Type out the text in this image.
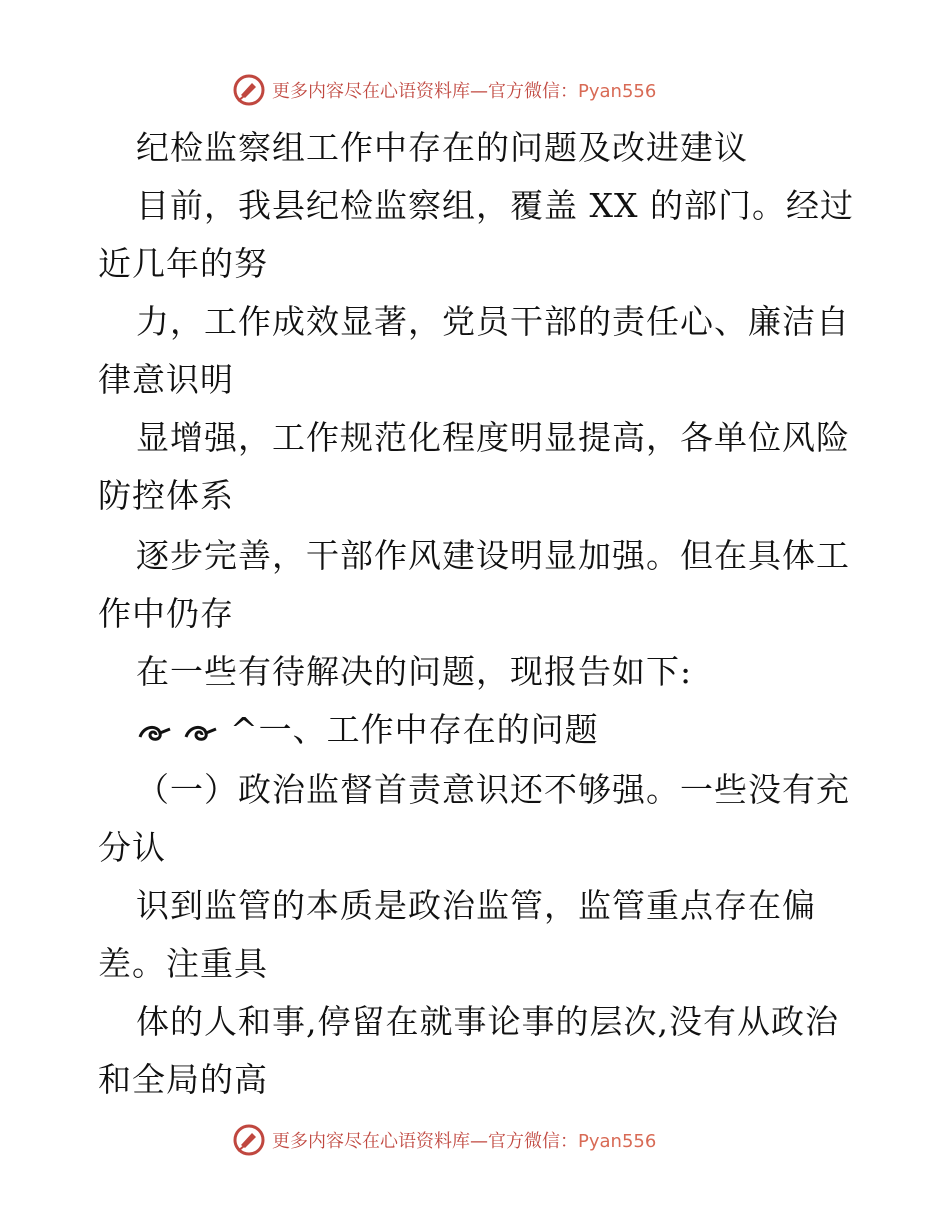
更多内容尽在心语资料库—官方微信：Pyan556
纪检监察组工作中存在的问题及改进建议
目前，我县纪检监察组，覆盖 XX 的部门。经过
近几年的努
力，工作成效显著，党员干部的责任心、廉洁自
律意识明
显增强，工作规范化程度明显提高，各单位风险
防控体系
逐步完善，干部作风建设明显加强。但在具体工
作中仍存
在一些有待解决的问题，现报告如下:
^一、工作中存在的问题
（一）政治监督首责意识还不够强。一些没有充
分认
识到监管的本质是政治监管，监管重点存在偏
差。注重具
体的人和事,停留在就事论事的层次,没有从政治
和全局的高
更多内容尽在心语资料库—官方微信：Pyan556
